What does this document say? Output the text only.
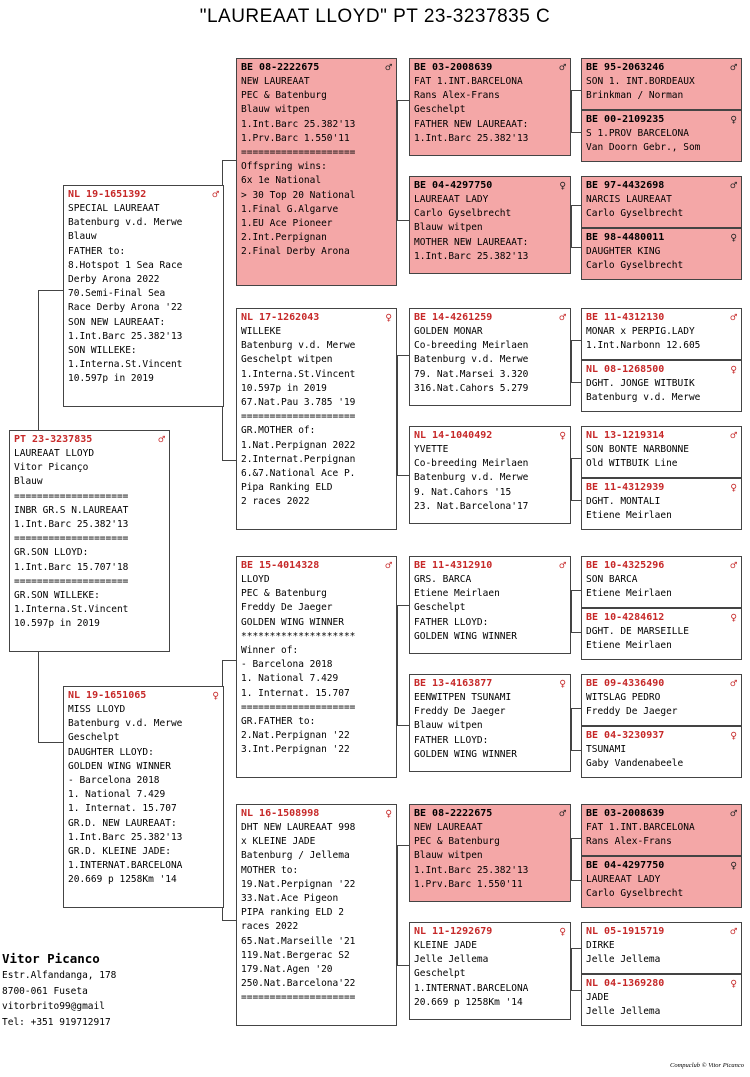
"LAUREAAT LLOYD" PT 23-3237835 C
PT 23-3237835	♂
LAUREAAT LLOYD
Vitor Picanço
Blauw
====================
INBR GR.S N.LAUREAAT
1.Int.Barc 25.382'13
====================
GR.SON LLOYD:
1.Int.Barc 15.707'18
====================
GR.SON WILLEKE:
1.Interna.St.Vincent
10.597p in 2019
NL 19-1651392	♂
SPECIAL LAUREAAT
Batenburg v.d. Merwe
Blauw
FATHER to:
8.Hotspot 1 Sea Race
Derby Arona 2022
70.Semi-Final Sea
Race Derby Arona '22
SON NEW LAUREAAT:
1.Int.Barc 25.382'13
SON WILLEKE:
1.Interna.St.Vincent
10.597p in 2019
NL 19-1651065	♀
MISS LLOYD
Batenburg v.d. Merwe
Geschelpt
DAUGHTER LLOYD:
GOLDEN WING WINNER
- Barcelona 2018
1. National 7.429
1. Internat. 15.707
GR.D. NEW LAUREAAT:
1.Int.Barc 25.382'13
GR.D. KLEINE JADE:
1.INTERNAT.BARCELONA
20.669 p 1258Km '14
BE 08-2222675	♂
NEW LAUREAAT
PEC & Batenburg
Blauw witpen
1.Int.Barc 25.382'13
1.Prv.Barc 1.550'11
====================
Offspring wins:
6x 1e National
> 30 Top 20 National
1.Final G.Algarve
1.EU Ace Pioneer
2.Int.Perpignan
2.Final Derby Arona
NL 17-1262043	♀
WILLEKE
Batenburg v.d. Merwe
Geschelpt witpen
1.Interna.St.Vincent
10.597p in 2019
67.Nat.Pau 3.785 '19
====================
GR.MOTHER of:
1.Nat.Perpignan 2022
2.Internat.Perpignan
6.&7.National Ace P.
Pipa Ranking ELD
2 races 2022
BE 15-4014328	♂
LLOYD
PEC & Batenburg
Freddy De Jaeger
GOLDEN WING WINNER
********************
Winner of:
- Barcelona 2018
1. National 7.429
1. Internat. 15.707
====================
GR.FATHER to:
2.Nat.Perpignan '22
3.Int.Perpignan '22
NL 16-1508998	♀
DHT NEW LAUREAAT 998
x KLEINE JADE
Batenburg / Jellema
MOTHER to:
19.Nat.Perpignan '22
33.Nat.Ace Pigeon
PIPA ranking ELD 2
races 2022
65.Nat.Marseille '21
119.Nat.Bergerac S2
179.Nat.Agen '20
250.Nat.Barcelona'22
====================
BE 03-2008639	♂
FAT 1.INT.BARCELONA
Rans Alex-Frans
Geschelpt
FATHER NEW LAUREAAT:
1.Int.Barc 25.382'13
BE 04-4297750	♀
LAUREAAT LADY
Carlo Gyselbrecht
Blauw witpen
MOTHER NEW LAUREAAT:
1.Int.Barc 25.382'13
BE 14-4261259	♂
GOLDEN MONAR
Co-breeding Meirlaen
Batenburg v.d. Merwe
79. Nat.Marsei 3.320
316.Nat.Cahors 5.279
NL 14-1040492	♀
YVETTE
Co-breeding Meirlaen
Batenburg v.d. Merwe
9. Nat.Cahors '15
23. Nat.Barcelona'17
BE 11-4312910	♂
GRS. BARCA
Etiene Meirlaen
Geschelpt
FATHER LLOYD:
GOLDEN WING WINNER
BE 13-4163877	♀
EENWITPEN TSUNAMI
Freddy De Jaeger
Blauw witpen
FATHER LLOYD:
GOLDEN WING WINNER
BE 08-2222675	♂
NEW LAUREAAT
PEC & Batenburg
Blauw witpen
1.Int.Barc 25.382'13
1.Prv.Barc 1.550'11
NL 11-1292679	♀
KLEINE JADE
Jelle Jellema
Geschelpt
1.INTERNAT.BARCELONA
20.669 p 1258Km '14
BE 95-2063246	♂
SON 1. INT.BORDEAUX
Brinkman / Norman
BE 00-2109235	♀
S 1.PROV BARCELONA
Van Doorn Gebr., Som
BE 97-4432698	♂
NARCIS LAUREAAT
Carlo Gyselbrecht
BE 98-4480011	♀
DAUGHTER KING
Carlo Gyselbrecht
BE 11-4312130	♂
MONAR x PERPIG.LADY
1.Int.Narbonn 12.605
NL 08-1268500	♀
DGHT. JONGE WITBUIK
Batenburg v.d. Merwe
NL 13-1219314	♂
SON BONTE NARBONNE
Old WITBUIK Line
BE 11-4312939	♀
DGHT. MONTALI
Etiene Meirlaen
BE 10-4325296	♂
SON BARCA
Etiene Meirlaen
BE 10-4284612	♀
DGHT. DE MARSEILLE
Etiene Meirlaen
BE 09-4336490	♂
WITSLAG PEDRO
Freddy De Jaeger
BE 04-3230937	♀
TSUNAMI
Gaby Vandenabeele
BE 03-2008639	♂
FAT 1.INT.BARCELONA
Rans Alex-Frans
BE 04-4297750	♀
LAUREAAT LADY
Carlo Gyselbrecht
NL 05-1915719	♂
DIRKE
Jelle Jellema
NL 04-1369280	♀
JADE
Jelle Jellema
Vitor Picanco
Estr.Alfandanga, 178
8700-061 Fuseta
vitorbrito99@gmail
Tel: +351 919712917
Compuclub © Vitor Picanco
